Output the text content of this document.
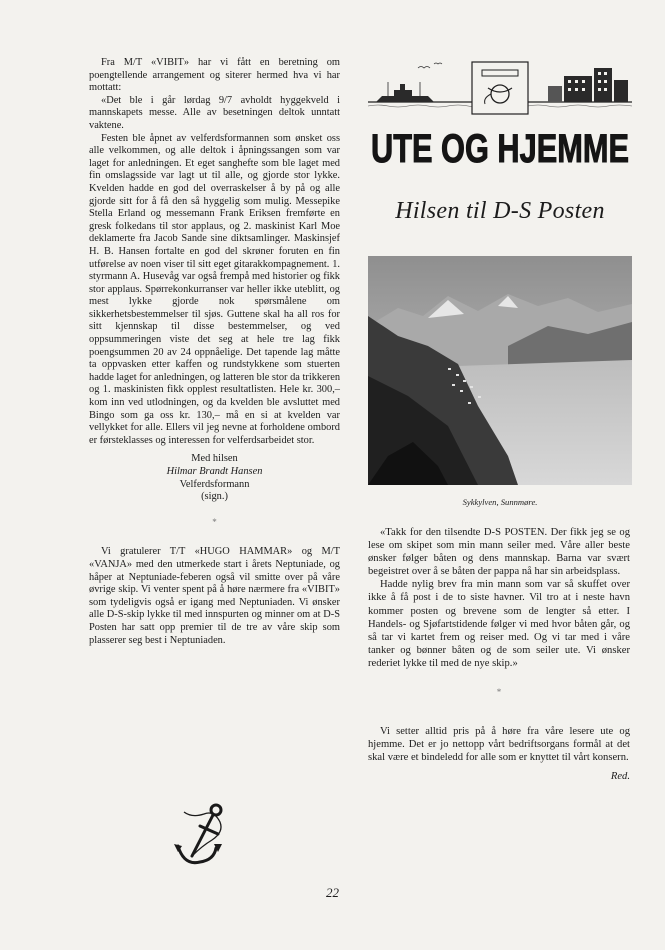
Fra M/T «VIBIT» har vi fått en beretning om poengtellende arrangement og siterer hermed hva vi har mottatt:

«Det ble i går lørdag 9/7 avholdt hyggekveld i mannskapets messe. Alle av besetningen deltok unntatt vaktene.

Festen ble åpnet av velferdsformannen som ønsket oss alle velkommen, og alle deltok i åpningssangen som var laget for anledningen. Et eget sanghefte som ble laget med fin omslagsside var lagt ut til alle, og gjorde stor lykke. Kvelden hadde en god del overraskelser å by på og alle gjorde sitt for å få den så hyggelig som mulig. Messepike Stella Erland og messemann Frank Eriksen fremførte en gresk folkedans til stor applaus, og 2. maskinist Karl Moe deklamerte fra Jacob Sande sine diktsamlinger. Maskinsjef H. B. Hansen fortalte en god del skrøner foruten en fin utførelse av noen viser til sitt eget gitarakkompagnement. 1. styrmann A. Husevåg var også frempå med historier og fikk stor applaus. Spørrekonkurranser var heller ikke uteblitt, og mest lykke gjorde nok spørsmålene om sikkerhetsbestemmelser til sjøs. Guttene skal ha all ros for sitt kjennskap til disse bestemmelser, og ved oppsummeringen viste det seg at hele tre lag fikk poengsummen 20 av 24 oppnåelige. Det tapende lag måtte ta oppvasken etter kaffen og rundstykkene som stuerten hadde laget for anledningen, og latteren ble stor da trikkeren og 1. maskinisten fikk opplest resultatlisten. Hele kr. 300,– kom inn ved utlodningen, og da kvelden ble avsluttet med Bingo som ga oss kr. 130,– må en si at kvelden var vellykket for alle. Ellers vil jeg nevne at forholdene ombord er førsteklasses og interessen for velferdsarbeidet stor.

Med hilsen

Hilmar Brandt Hansen

Velferdsformann

(sign.)

*

Vi gratulerer T/T «HUGO HAMMAR» og M/T «VANJA» med den utmerkede start i årets Neptuniade, og håper at Neptuniade-feberen også vil smitte over på våre øvrige skip. Vi venter spent på å høre nærmere fra «VIBIT» som tydeligvis også er igang med Neptuniaden. Vi ønsker alle D-S-skip lykke til med innspurten og minner om at D-S Posten har satt opp premier til de tre av våre skip som plasserer seg best i Neptuniaden.

UTE OG HJEMME
Hilsen til D-S Posten
Sykkylven, Sunnmøre.

«Takk for den tilsendte D-S POSTEN. Der fikk jeg se og lese om skipet som min mann seiler med. Våre aller beste ønsker følger båten og dens mannskap. Barna var svært begeistret over å se båten der pappa nå har sin arbeidsplass.

Hadde nylig brev fra min mann som var så skuffet over ikke å få post i de to siste havner. Vil tro at i neste havn kommer posten og brevene som de lengter så etter. I Handels- og Sjøfartstidende følger vi med hvor båten går, og så tar vi kartet frem og reiser med. Og vi tar med i våre tanker og bønner båten og de som seiler ute. Vi ønsker rederiet lykke til med de nye skip.»

*

Vi setter alltid pris på å høre fra våre lesere ute og hjemme. Det er jo nettopp vårt bedriftsorgans formål at det skal være et bindeledd for alle som er knyttet til vårt konsern.

Red.

22
